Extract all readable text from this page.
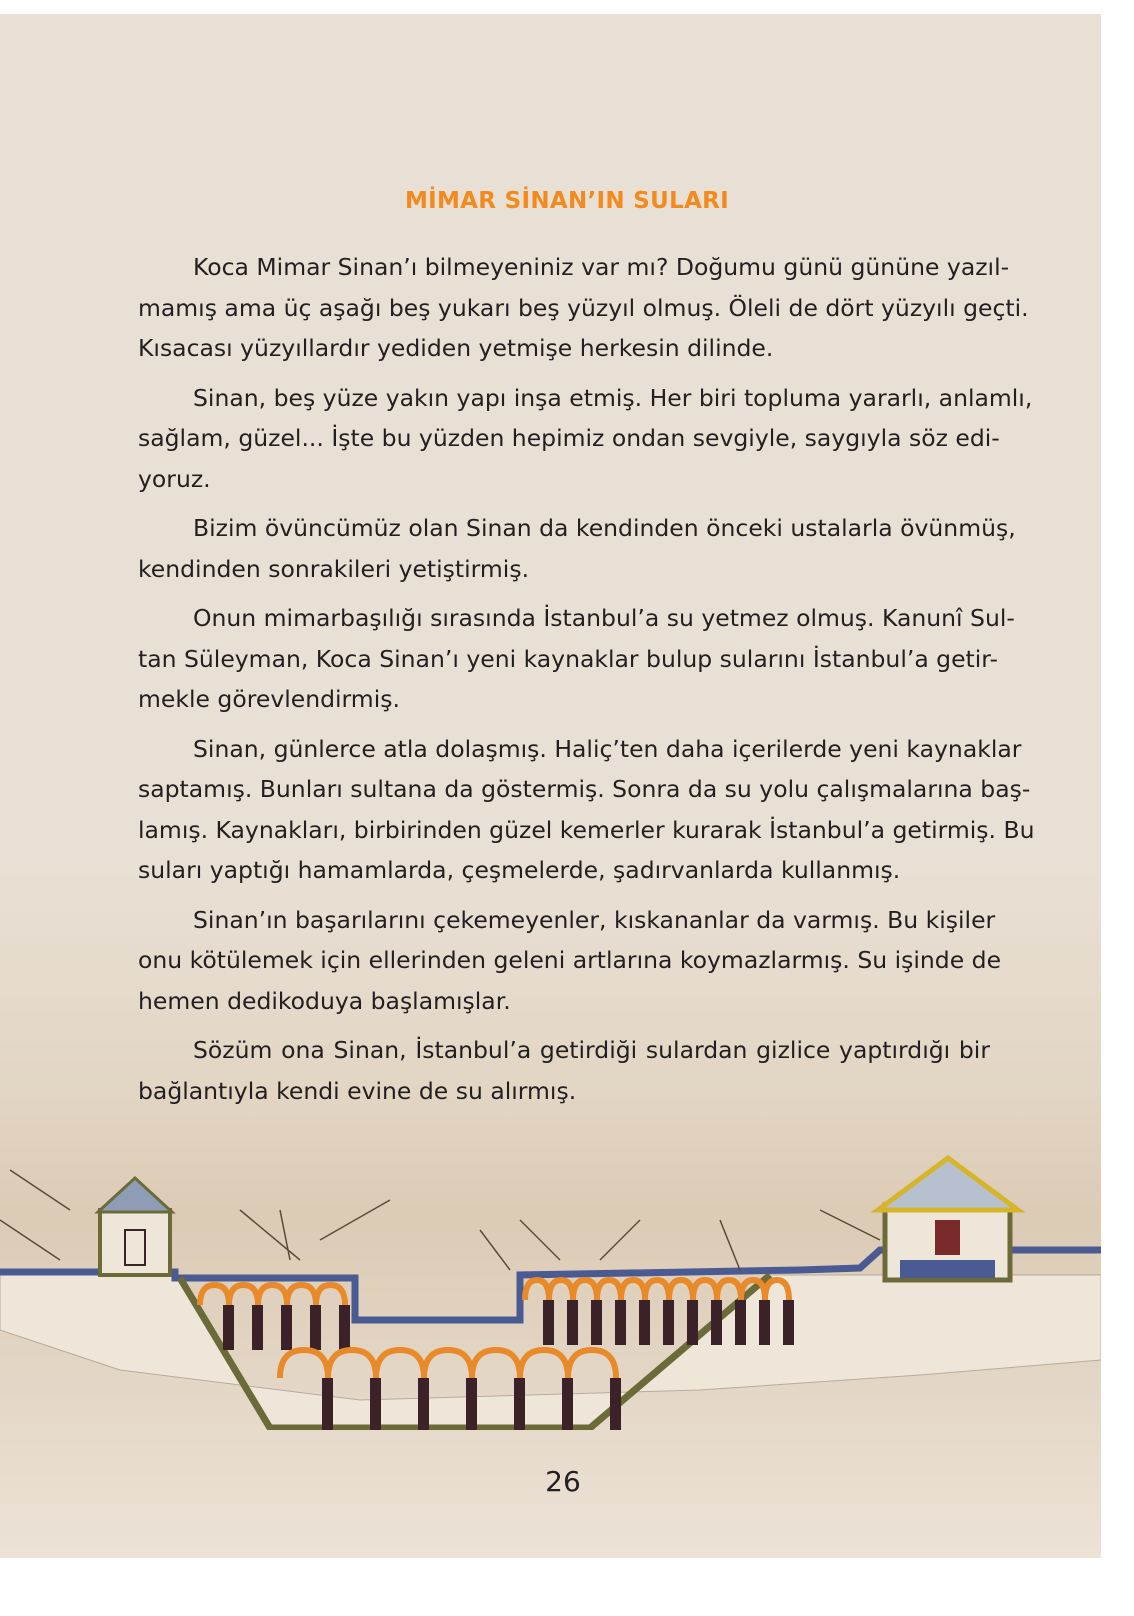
MİMAR SİNAN’IN SULARI
Koca Mimar Sinan’ı bilmeyeniniz var mı? Doğumu günü gününe yazıl-
mamış ama üç aşağı beş yukarı beş yüzyıl olmuş. Öleli de dört yüzyılı geçti.
Kısacası yüzyıllardır yediden yetmişe herkesin dilinde.
Sinan, beş yüze yakın yapı inşa etmiş. Her biri topluma yararlı, anlamlı,
sağlam, güzel... İşte bu yüzden hepimiz ondan sevgiyle, saygıyla söz edi-
yoruz.
Bizim övüncümüz olan Sinan da kendinden önceki ustalarla övünmüş,
kendinden sonrakileri yetiştirmiş.
Onun mimarbaşılığı sırasında İstanbul’a su yetmez olmuş. Kanunî Sul-
tan Süleyman, Koca Sinan’ı yeni kaynaklar bulup sularını İstanbul’a getir-
mekle görevlendirmiş.
Sinan, günlerce atla dolaşmış. Haliç’ten daha içerilerde yeni kaynaklar
saptamış. Bunları sultana da göstermiş. Sonra da su yolu çalışmalarına baş-
lamış. Kaynakları, birbirinden güzel kemerler kurarak İstanbul’a getirmiş. Bu
suları yaptığı hamamlarda, çeşmelerde, şadırvanlarda kullanmış.
Sinan’ın başarılarını çekemeyenler, kıskananlar da varmış. Bu kişiler
onu kötülemek için ellerinden geleni artlarına koymazlarmış. Su işinde de
hemen dedikoduya başlamışlar.
Sözüm ona Sinan, İstanbul’a getirdiği sulardan gizlice yaptırdığı bir
bağlantıyla kendi evine de su alırmış.
26
